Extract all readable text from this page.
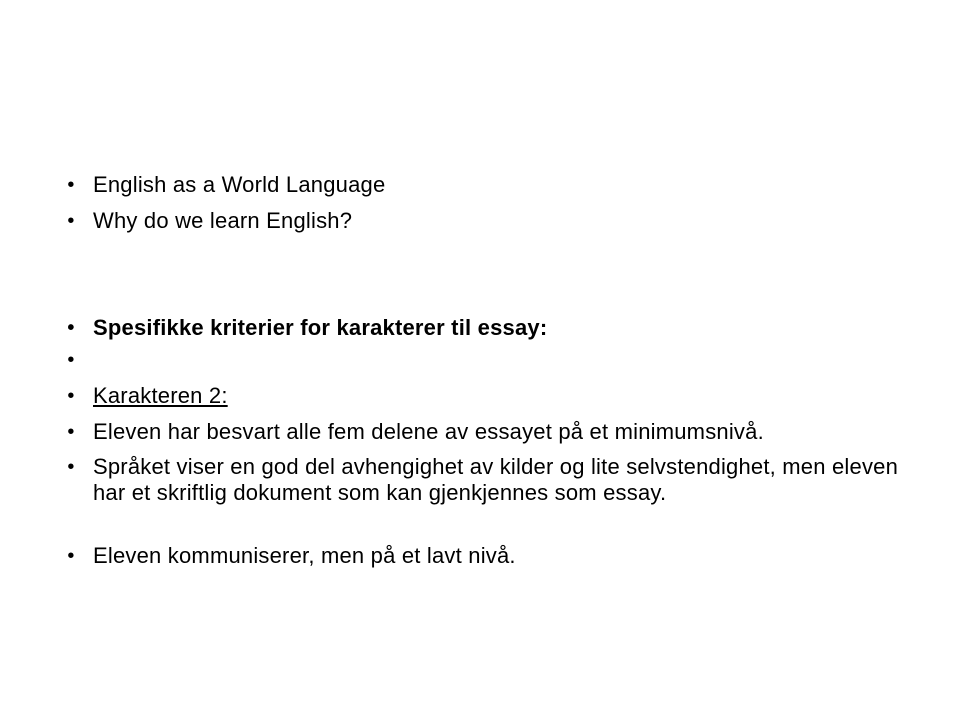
• English as a World Language
• Why do we learn English?
• Spesifikke kriterier for karakterer til essay:
•
• Karakteren 2:
• Eleven har besvart alle fem delene av essayet på et minimumsnivå.
• Språket viser en god del avhengighet av kilder og lite selvstendighet, men eleven har et skriftlig dokument som kan gjenkjennes som essay.
• Eleven kommuniserer, men på et lavt nivå.
